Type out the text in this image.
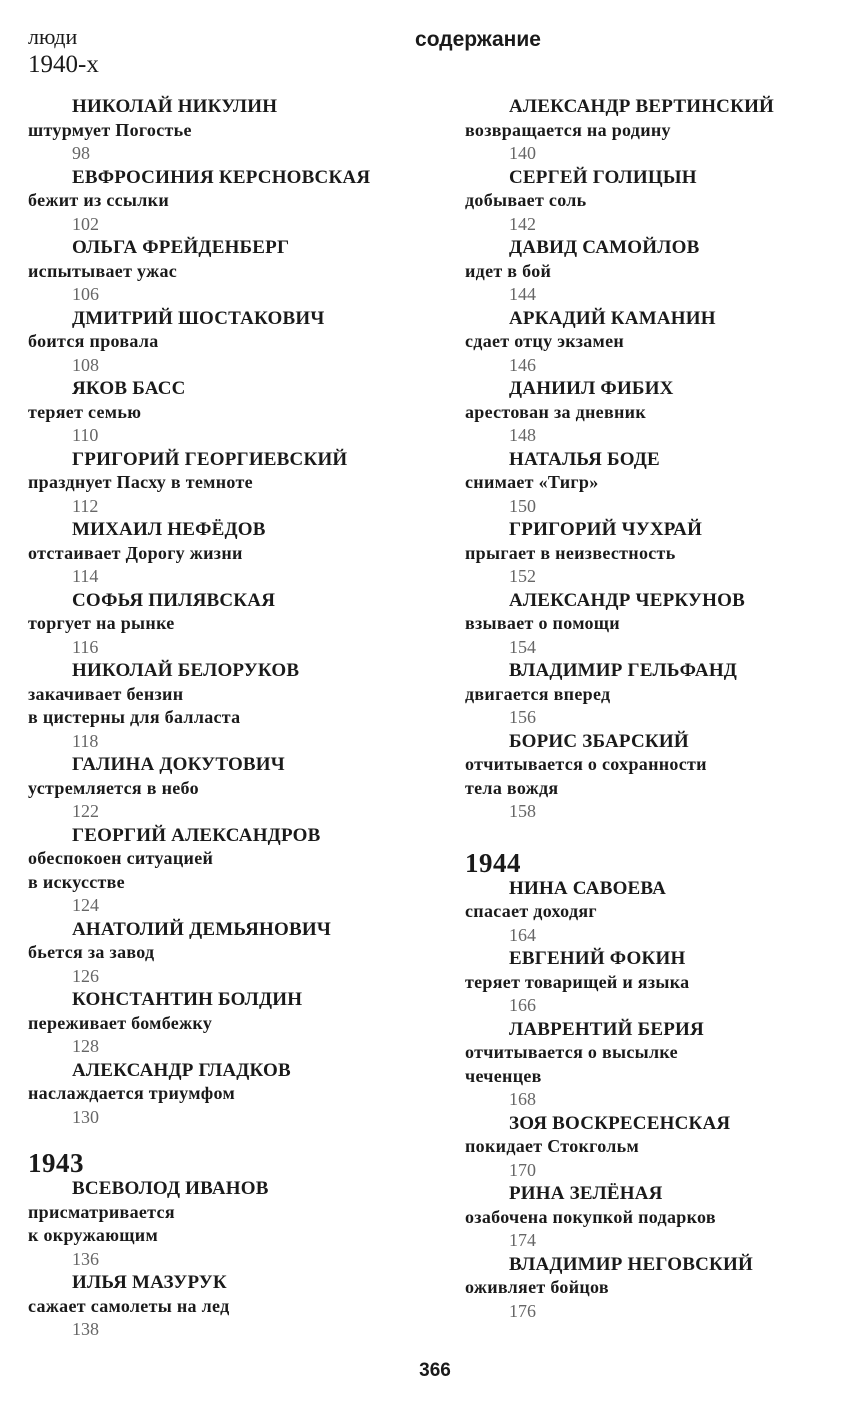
люди
1940-х
содержание
НИКОЛАЙ НИКУЛИН
штурмует Погостье
98
ЕВФРОСИНИЯ КЕРСНОВСКАЯ
бежит из ссылки
102
ОЛЬГА ФРЕЙДЕНБЕРГ
испытывает ужас
106
ДМИТРИЙ ШОСТАКОВИЧ
боится провала
108
ЯКОВ БАСС
теряет семью
110
ГРИГОРИЙ ГЕОРГИЕВСКИЙ
празднует Пасху в темноте
112
МИХАИЛ НЕФЁДОВ
отстаивает Дорогу жизни
114
СОФЬЯ ПИЛЯВСКАЯ
торгует на рынке
116
НИКОЛАЙ БЕЛОРУКОВ
закачивает бензин
в цистерны для балласта
118
ГАЛИНА ДОКУТОВИЧ
устремляется в небо
122
ГЕОРГИЙ АЛЕКСАНДРОВ
обеспокоен ситуацией
в искусстве
124
АНАТОЛИЙ ДЕМЬЯНОВИЧ
бьется за завод
126
КОНСТАНТИН БОЛДИН
переживает бомбежку
128
АЛЕКСАНДР ГЛАДКОВ
наслаждается триумфом
130
1943
ВСЕВОЛОД ИВАНОВ
присматривается
к окружающим
136
ИЛЬЯ МАЗУРУК
сажает самолеты на лед
138
АЛЕКСАНДР ВЕРТИНСКИЙ
возвращается на родину
140
СЕРГЕЙ ГОЛИЦЫН
добывает соль
142
ДАВИД САМОЙЛОВ
идет в бой
144
АРКАДИЙ КАМАНИН
сдает отцу экзамен
146
ДАНИИЛ ФИБИХ
арестован за дневник
148
НАТАЛЬЯ БОДЕ
снимает «Тигр»
150
ГРИГОРИЙ ЧУХРАЙ
прыгает в неизвестность
152
АЛЕКСАНДР ЧЕРКУНОВ
взывает о помощи
154
ВЛАДИМИР ГЕЛЬФАНД
двигается вперед
156
БОРИС ЗБАРСКИЙ
отчитывается о сохранности
тела вождя
158
1944
НИНА САВОЕВА
спасает доходяг
164
ЕВГЕНИЙ ФОКИН
теряет товарищей и языка
166
ЛАВРЕНТИЙ БЕРИЯ
отчитывается о высылке
чеченцев
168
ЗОЯ ВОСКРЕСЕНСКАЯ
покидает Стокгольм
170
РИНА ЗЕЛЁНАЯ
озабочена покупкой подарков
174
ВЛАДИМИР НЕГОВСКИЙ
оживляет бойцов
176
366
